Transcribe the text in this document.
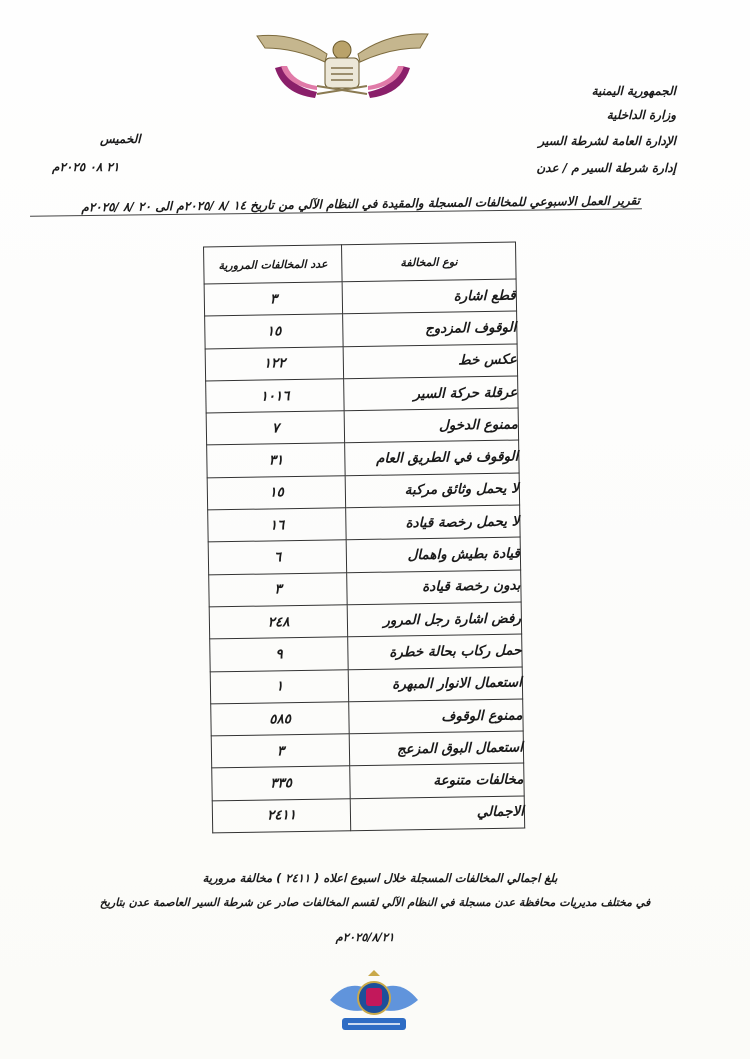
الجمهورية اليمنية
وزارة الداخلية
الإدارة العامة لشرطة السير
إدارة شرطة السير م / عدن
الخميس
٢١ ٠٨ ٢٠٢٥م
تقرير العمل الاسبوعي للمخالفات المسجلة والمقيدة في النظام الآلي من تاريخ ١٤ /٨ /٢٠٢٥م الى ٢٠ /٨ /٢٠٢٥م
عدد المخالفات المرورية	نوع المخالفة
٣	قطع اشارة
١٥	الوقوف المزدوج
١٢٢	عكس خط
١٠١٦	عرقلة حركة السير
٧	ممنوع الدخول
٣١	الوقوف في الطريق العام
١٥	لا يحمل وثائق مركبة
١٦	لا يحمل رخصة قيادة
٦	قيادة بطيش واهمال
٣	بدون رخصة قيادة
٢٤٨	رفض اشارة رجل المرور
٩	حمل ركاب بحالة خطرة
١	استعمال الانوار المبهرة
٥٨٥	ممنوع الوقوف
٣	استعمال البوق المزعج
٣٣٥	مخالفات متنوعة
٢٤١١	الاجمالي
بلغ اجمالي المخالفات المسجلة خلال اسبوع اعلاه ( ٢٤١١ ) مخالفة مرورية
في مختلف مديريات محافظة عدن مسجلة في النظام الآلي لقسم المخالفات صادر عن شرطة السير العاصمة عدن بتاريخ
٢٠٢٥/٨/٢١م
